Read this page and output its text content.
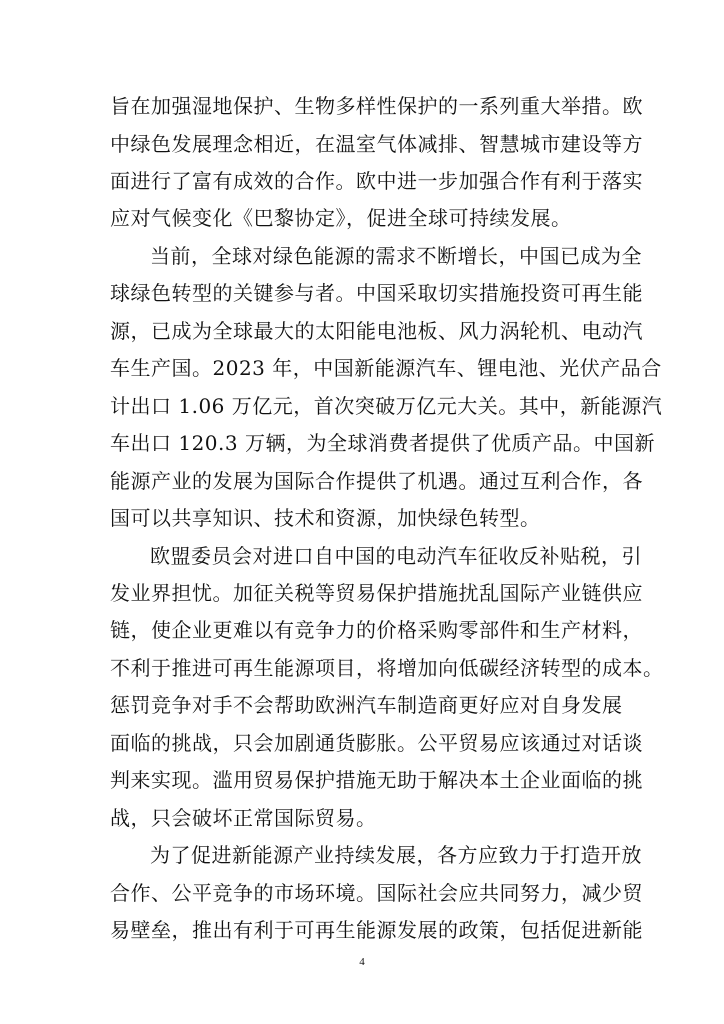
旨在加强湿地保护、生物多样性保护的一系列重大举措。欧
中绿色发展理念相近，在温室气体减排、智慧城市建设等方
面进行了富有成效的合作。欧中进一步加强合作有利于落实
应对气候变化《巴黎协定》，促进全球可持续发展。
当前，全球对绿色能源的需求不断增长，中国已成为全
球绿色转型的关键参与者。中国采取切实措施投资可再生能
源，已成为全球最大的太阳能电池板、风力涡轮机、电动汽
车生产国。2023 年，中国新能源汽车、锂电池、光伏产品合
计出口 1.06 万亿元，首次突破万亿元大关。其中，新能源汽
车出口 120.3 万辆，为全球消费者提供了优质产品。中国新
能源产业的发展为国际合作提供了机遇。通过互利合作，各
国可以共享知识、技术和资源，加快绿色转型。
欧盟委员会对进口自中国的电动汽车征收反补贴税，引
发业界担忧。加征关税等贸易保护措施扰乱国际产业链供应
链，使企业更难以有竞争力的价格采购零部件和生产材料，
不利于推进可再生能源项目，将增加向低碳经济转型的成本。
惩罚竞争对手不会帮助欧洲汽车制造商更好应对自身发展
面临的挑战，只会加剧通货膨胀。公平贸易应该通过对话谈
判来实现。滥用贸易保护措施无助于解决本土企业面临的挑
战，只会破坏正常国际贸易。
为了促进新能源产业持续发展，各方应致力于打造开放
合作、公平竞争的市场环境。国际社会应共同努力，减少贸
易壁垒，推出有利于可再生能源发展的政策，包括促进新能
4
